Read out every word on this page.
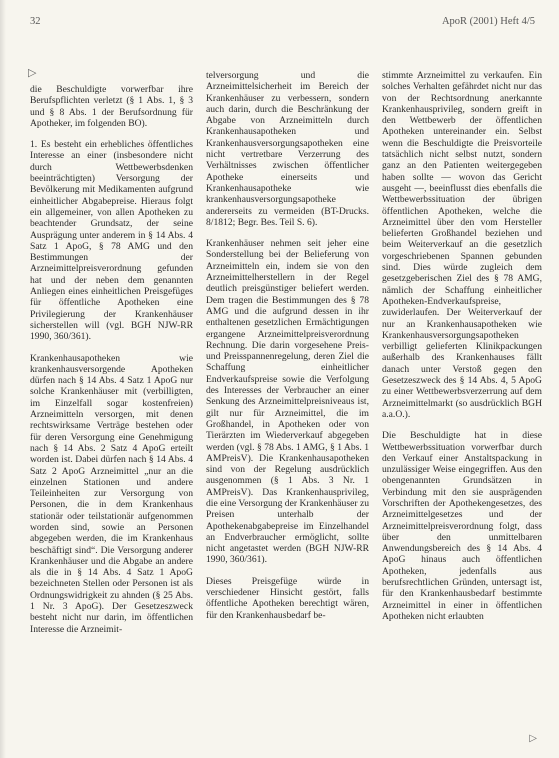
32	ApoR (2001) Heft 4/5
▷

die Beschuldigte vorwerfbar ihre Berufspflichten verletzt (§ 1 Abs. 1, § 3 und § 8 Abs. 1 der Berufsordnung für Apotheker, im folgenden BO).

1. Es besteht ein erhebliches öffentliches Interesse an einer (insbesondere nicht durch Wettbewerbsdenken beeinträchtigten) Versorgung der Bevölkerung mit Medikamenten aufgrund einheitlicher Abgabepreise. Hieraus folgt ein allgemeiner, von allen Apotheken zu beachtender Grundsatz, der seine Ausprägung unter anderem in § 14 Abs. 4 Satz 1 ApoG, § 78 AMG und den Bestimmungen der Arzneimittelpreisverordnung gefunden hat und der neben dem genannten Anliegen eines einheitlichen Preisgefüges für öffentliche Apotheken eine Privilegierung der Krankenhäuser sicherstellen will (vgl. BGH NJW-RR 1990, 360/361).

Krankenhausapotheken wie krankenhausversorgende Apotheken dürfen nach § 14 Abs. 4 Satz 1 ApoG nur solche Krankenhäuser mit (verbilligten, im Einzelfall sogar kostenfreien) Arzneimitteln versorgen, mit denen rechtswirksame Verträge bestehen oder für deren Versorgung eine Genehmigung nach § 14 Abs. 2 Satz 4 ApoG erteilt worden ist. Dabei dürfen nach § 14 Abs. 4 Satz 2 ApoG Arzneimittel „nur an die einzelnen Stationen und andere Teileinheiten zur Versorgung von Personen, die in dem Krankenhaus stationär oder teilstationär aufgenommen worden sind, sowie an Personen abgegeben werden, die im Krankenhaus beschäftigt sind“. Die Versorgung anderer Krankenhäuser und die Abgabe an andere als die in § 14 Abs. 4 Satz 1 ApoG bezeichneten Stellen oder Personen ist als Ordnungswidrigkeit zu ahnden (§ 25 Abs. 1 Nr. 3 ApoG). Der Gesetzeszweck besteht nicht nur darin, im öffentlichen Interesse die Arzneimit-

telversorgung und die Arzneimittelsicherheit im Bereich der Krankenhäuser zu verbessern, sondern auch darin, durch die Beschränkung der Abgabe von Arzneimitteln durch Krankenhausapotheken und Krankenhausversorgungsapotheken eine nicht vertretbare Verzerrung des Verhältnisses zwischen öffentlicher Apotheke einerseits und Krankenhausapotheke wie krankenhausversorgungsapotheke andererseits zu vermeiden (BT-Drucks. 8/1812; Begr. Bes. Teil S. 6).

Krankenhäuser nehmen seit jeher eine Sonderstellung bei der Belieferung von Arzneimitteln ein, indem sie von den Arzneimittelherstellern in der Regel deutlich preisgünstiger beliefert werden. Dem tragen die Bestimmungen des § 78 AMG und die aufgrund dessen in ihr enthaltenen gesetzlichen Ermächtigungen ergangene Arzneimittelpreisverordnung Rechnung. Die darin vorgesehene Preis- und Preisspannenregelung, deren Ziel die Schaffung einheitlicher Endverkaufspreise sowie die Verfolgung des Interesses der Verbraucher an einer Senkung des Arzneimittelpreisniveaus ist, gilt nur für Arzneimittel, die im Großhandel, in Apotheken oder von Tierärzten im Wiederverkauf abgegeben werden (vgl. § 78 Abs. 1 AMG, § 1 Abs. 1 AMPreisV). Die Krankenhausapotheken sind von der Regelung ausdrücklich ausgenommen (§ 1 Abs. 3 Nr. 1 AMPreisV). Das Krankenhausprivileg, die eine Versorgung der Krankenhäuser zu Preisen unterhalb der Apothekenabgabepreise im Einzelhandel an Endverbraucher ermöglicht, sollte nicht angetastet werden (BGH NJW-RR 1990, 360/361).

Dieses Preisgefüge würde in verschiedener Hinsicht gestört, falls öffentliche Apotheken berechtigt wären, für den Krankenhausbedarf be-

stimmte Arzneimittel zu verkaufen. Ein solches Verhalten gefährdet nicht nur das von der Rechtsordnung anerkannte Krankenhausprivileg, sondern greift in den Wettbewerb der öffentlichen Apotheken untereinander ein. Selbst wenn die Beschuldigte die Preisvorteile tatsächlich nicht selbst nutzt, sondern ganz an den Patienten weitergegeben haben sollte — wovon das Gericht ausgeht —, beeinflusst dies ebenfalls die Wettbewerbssituation der übrigen öffentlichen Apotheken, welche die Arzneimittel über den vom Hersteller belieferten Großhandel beziehen und beim Weiterverkauf an die gesetzlich vorgeschriebenen Spannen gebunden sind. Dies würde zugleich dem gesetzgeberischen Ziel des § 78 AMG, nämlich der Schaffung einheitlicher Apotheken-Endverkaufspreise, zuwiderlaufen. Der Weiterverkauf der nur an Krankenhausapotheken wie Krankenhausversorgungsapotheken verbilligt gelieferten Klinikpackungen außerhalb des Krankenhauses fällt danach unter Verstoß gegen den Gesetzeszweck des § 14 Abs. 4, 5 ApoG zu einer Wettbewerbsverzerrung auf dem Arzneimittelmarkt (so ausdrücklich BGH a.a.O.).

Die Beschuldigte hat in diese Wettbewerbssituation vorwerfbar durch den Verkauf einer Anstaltspackung in unzulässiger Weise eingegriffen. Aus den obengenannten Grundsätzen in Verbindung mit den sie ausprägenden Vorschriften der Apothekengesetzes, des Arzneimittelgesetzes und der Arzneimittelpreisverordnung folgt, dass über den unmittelbaren Anwendungsbereich des § 14 Abs. 4 ApoG hinaus auch öffentlichen Apotheken, jedenfalls aus berufsrechtlichen Gründen, untersagt ist, für den Krankenhausbedarf bestimmte Arzneimittel in einer in öffentlichen Apotheken nicht erlaubten

▷
